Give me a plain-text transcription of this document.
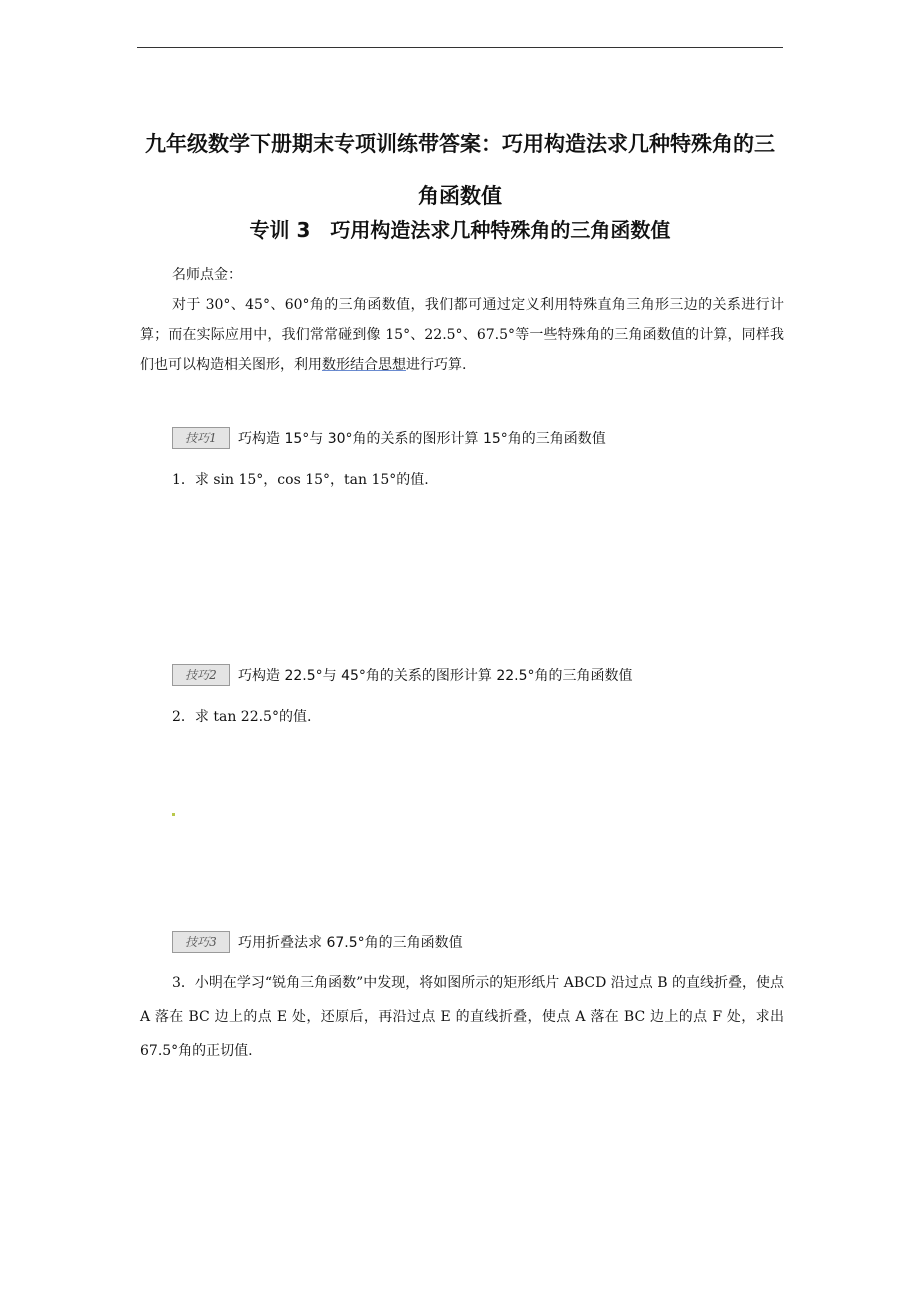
九年级数学下册期末专项训练带答案：巧用构造法求几种特殊角的三角函数值
专训 3　巧用构造法求几种特殊角的三角函数值
名师点金：
对于 30°、45°、60°角的三角函数值，我们都可通过定义利用特殊直角三角形三边的关系进行计算；而在实际应用中，我们常常碰到像 15°、22.5°、67.5°等一些特殊角的三角函数值的计算，同样我们也可以构造相关图形，利用数形结合思想进行巧算.
技巧1	巧构造 15°与 30°角的关系的图形计算 15°角的三角函数值
1．求 sin 15°，cos 15°，tan 15°的值.
技巧2	巧构造 22.5°与 45°角的关系的图形计算 22.5°角的三角函数值
2．求 tan 22.5°的值.
技巧3	巧用折叠法求 67.5°角的三角函数值
3．小明在学习“锐角三角函数”中发现，将如图所示的矩形纸片 ABCD 沿过点 B 的直线折叠，使点 A 落在 BC 边上的点 E 处，还原后，再沿过点 E 的直线折叠，使点 A 落在 BC 边上的点 F 处，求出 67.5°角的正切值.
